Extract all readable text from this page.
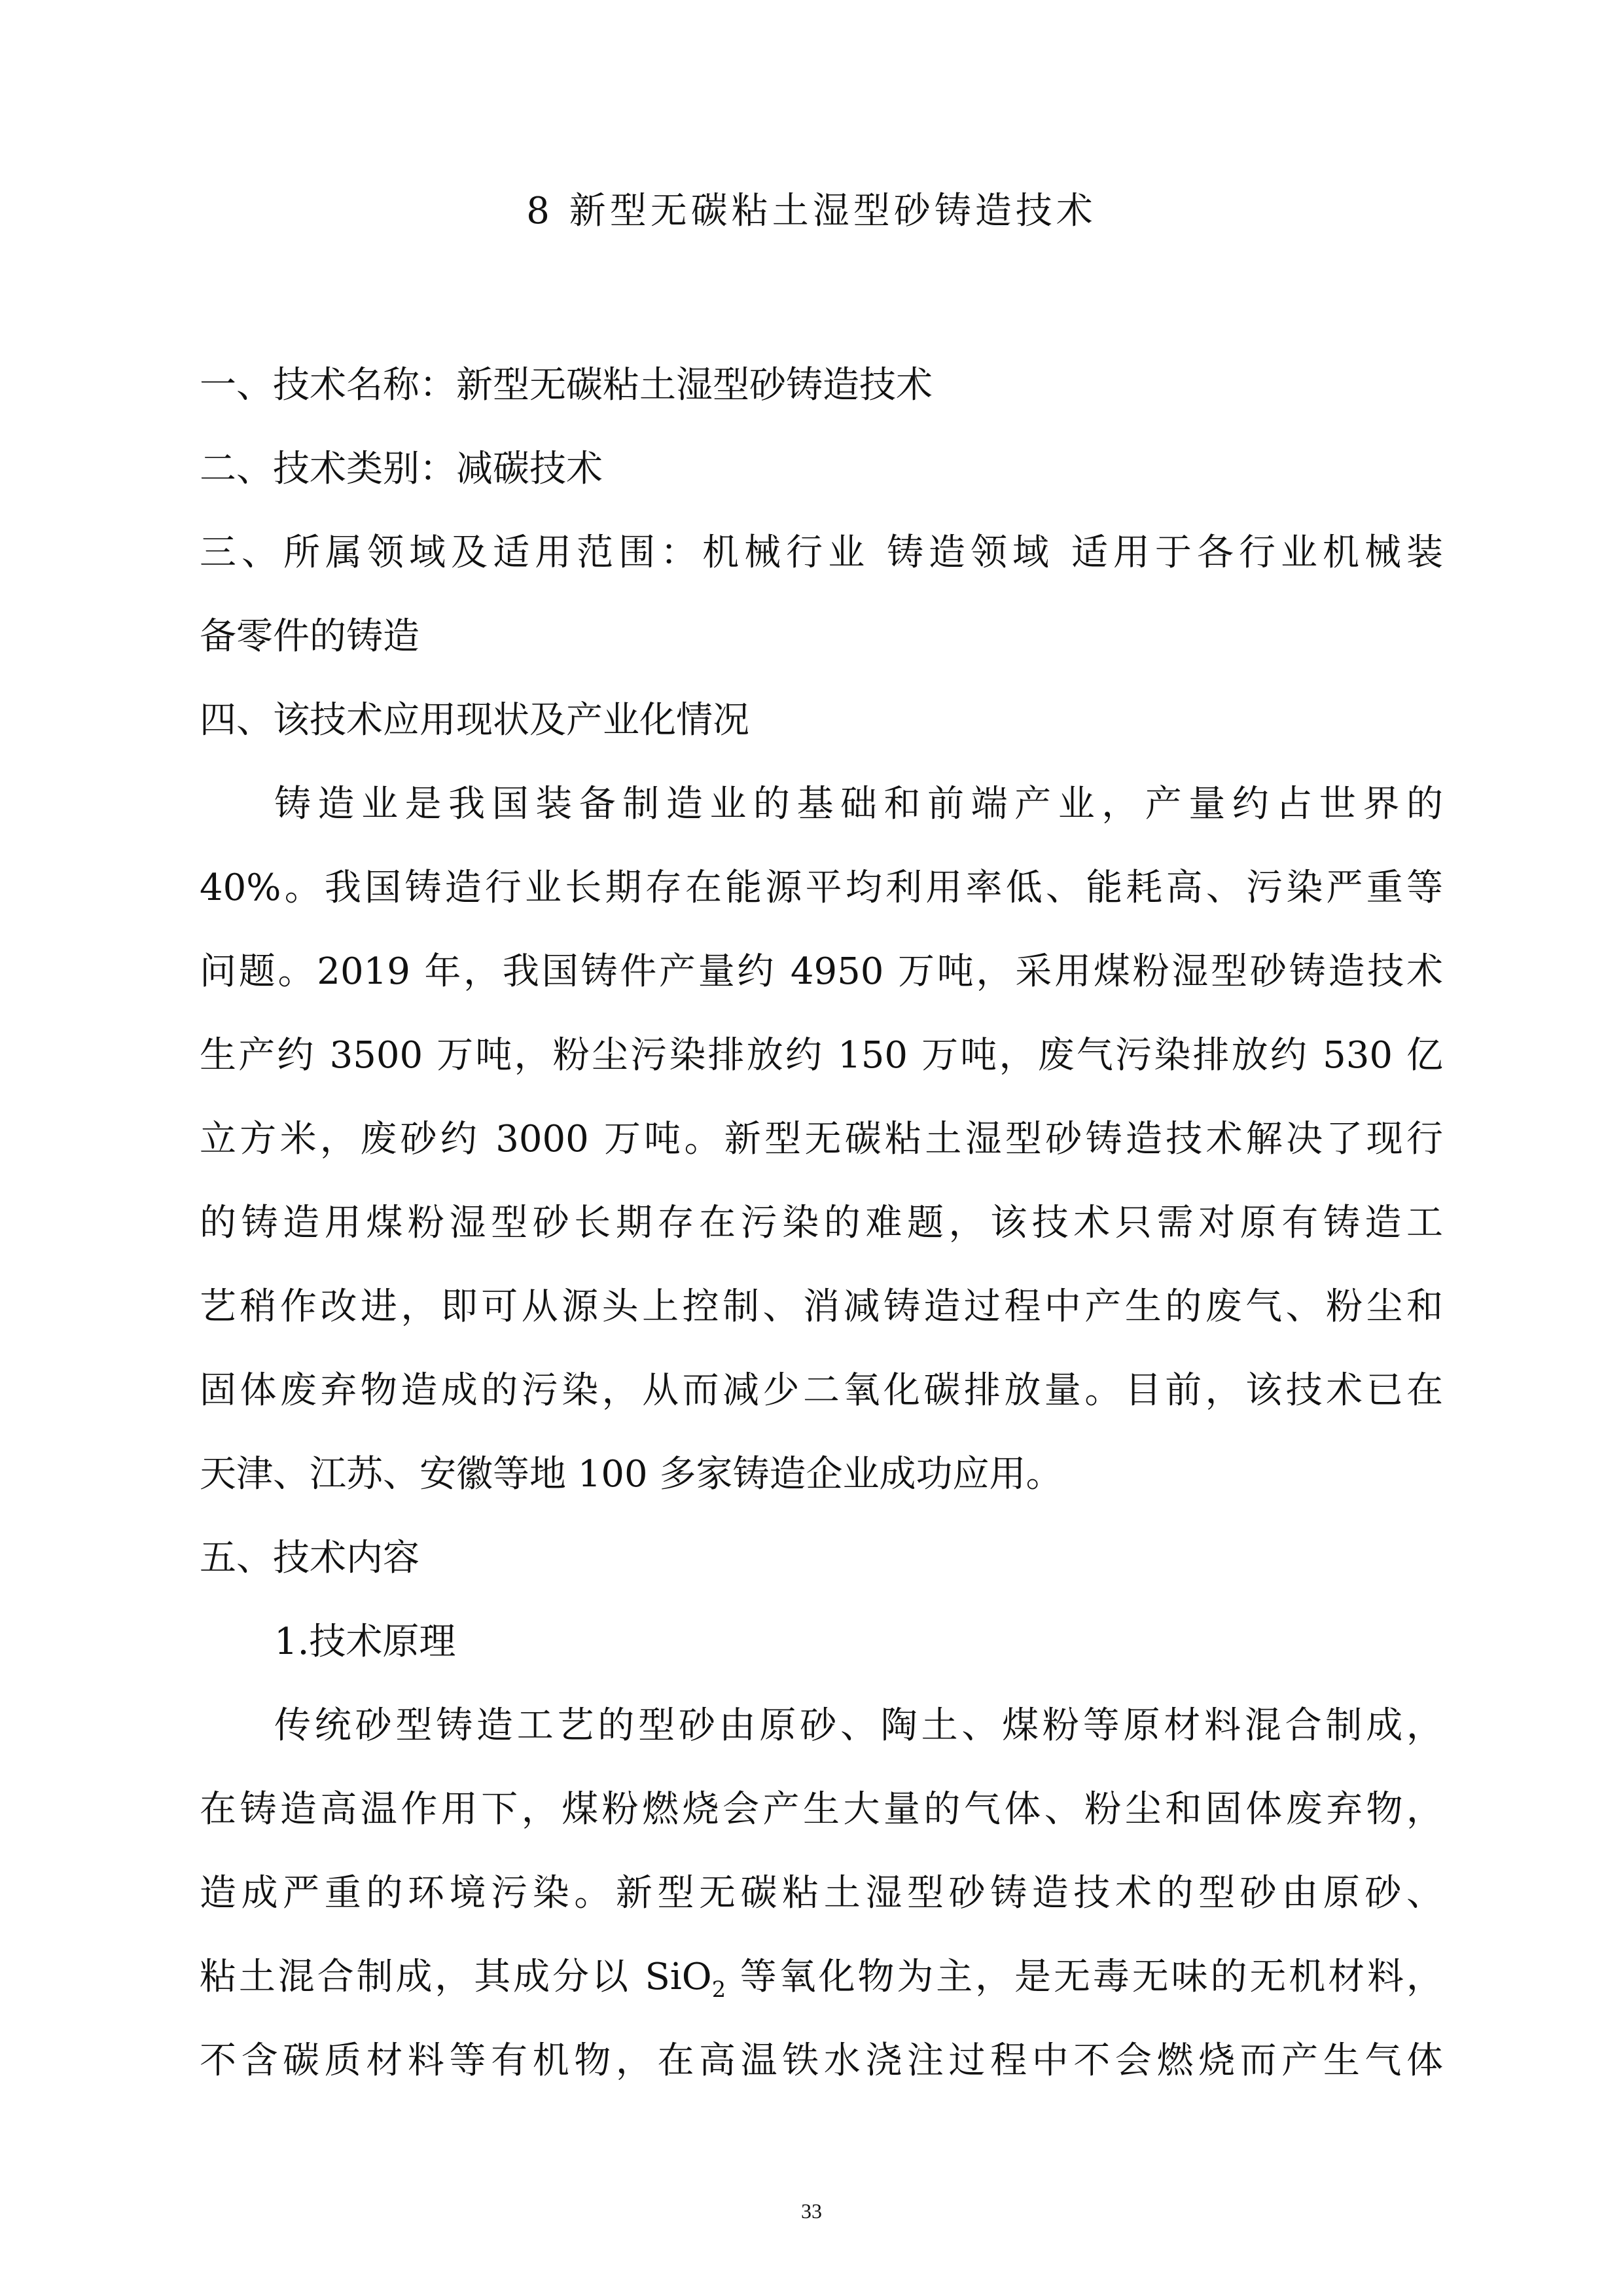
8 新型无碳粘土湿型砂铸造技术
一、技术名称：新型无碳粘土湿型砂铸造技术
二、技术类别：减碳技术
三、所属领域及适用范围：机械行业 铸造领域 适用于各行业机械装
备零件的铸造
四、该技术应用现状及产业化情况
铸造业是我国装备制造业的基础和前端产业，产量约占世界的
40%。我国铸造行业长期存在能源平均利用率低、能耗高、污染严重等
问题。2019 年，我国铸件产量约 4950 万吨，采用煤粉湿型砂铸造技术
生产约 3500 万吨，粉尘污染排放约 150 万吨，废气污染排放约 530 亿
立方米，废砂约 3000 万吨。新型无碳粘土湿型砂铸造技术解决了现行
的铸造用煤粉湿型砂长期存在污染的难题，该技术只需对原有铸造工
艺稍作改进，即可从源头上控制、消减铸造过程中产生的废气、粉尘和
固体废弃物造成的污染，从而减少二氧化碳排放量。目前，该技术已在
天津、江苏、安徽等地 100 多家铸造企业成功应用。
五、技术内容
1.技术原理
传统砂型铸造工艺的型砂由原砂、陶土、煤粉等原材料混合制成，
在铸造高温作用下，煤粉燃烧会产生大量的气体、粉尘和固体废弃物，
造成严重的环境污染。新型无碳粘土湿型砂铸造技术的型砂由原砂、
粘土混合制成，其成分以 SiO$_2$ 等氧化物为主，是无毒无味的无机材料，
不含碳质材料等有机物，在高温铁水浇注过程中不会燃烧而产生气体
33
